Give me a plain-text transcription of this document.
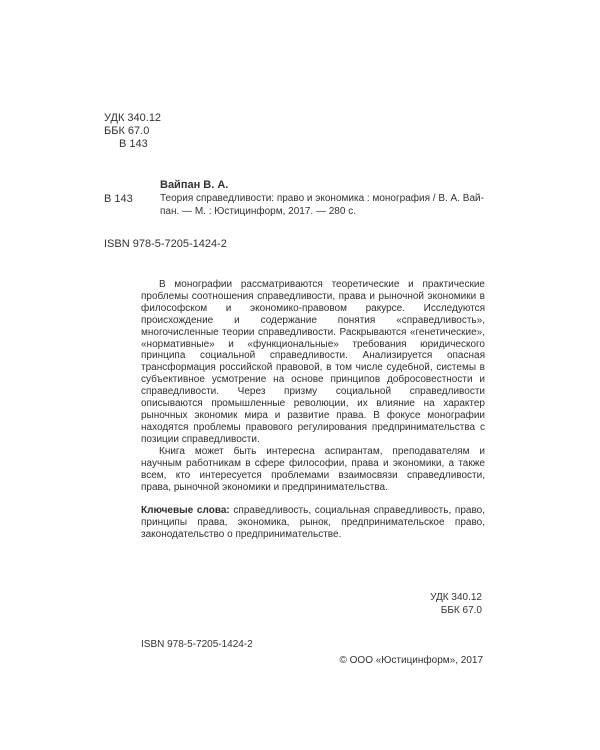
УДК 340.12
ББК 67.0
В 143
Вайпан В. А.
В 143	Теория справедливости: право и экономика : монография / В. А. Вай-
пан. — М. : Юстицинформ, 2017. — 280 с.
ISBN 978-5-7205-1424-2
В монографии рассматриваются теоретические и практические проблемы соотношения справедливости, права и рыночной экономики в философском и экономико-правовом ракурсе. Исследуются происхождение и содержание понятия «справедливость», многочисленные теории справедливости. Раскрываются «генетические», «нормативные» и «функциональные» требования юридического принципа социальной справедливости. Анализируется опасная трансформация российской правовой, в том числе судебной, системы в субъективное усмотрение на основе принципов добросовестности и справедливости. Через призму социальной справедливости описываются промышленные революции, их влияние на характер рыночных экономик мира и развитие права. В фокусе монографии находятся проблемы правового регулирования предпринимательства с позиции справедливости.
Книга может быть интересна аспирантам, преподавателям и научным работникам в сфере философии, права и экономики, а также всем, кто интересуется проблемами взаимосвязи справедливости, права, рыночной экономики и предпринимательства.
Ключевые слова: справедливость, социальная справедливость, право, принципы права, экономика, рынок, предпринимательское право, законодательство о предпринимательстве.
УДК 340.12
ББК 67.0
ISBN 978-5-7205-1424-2
© ООО «Юстицинформ», 2017
